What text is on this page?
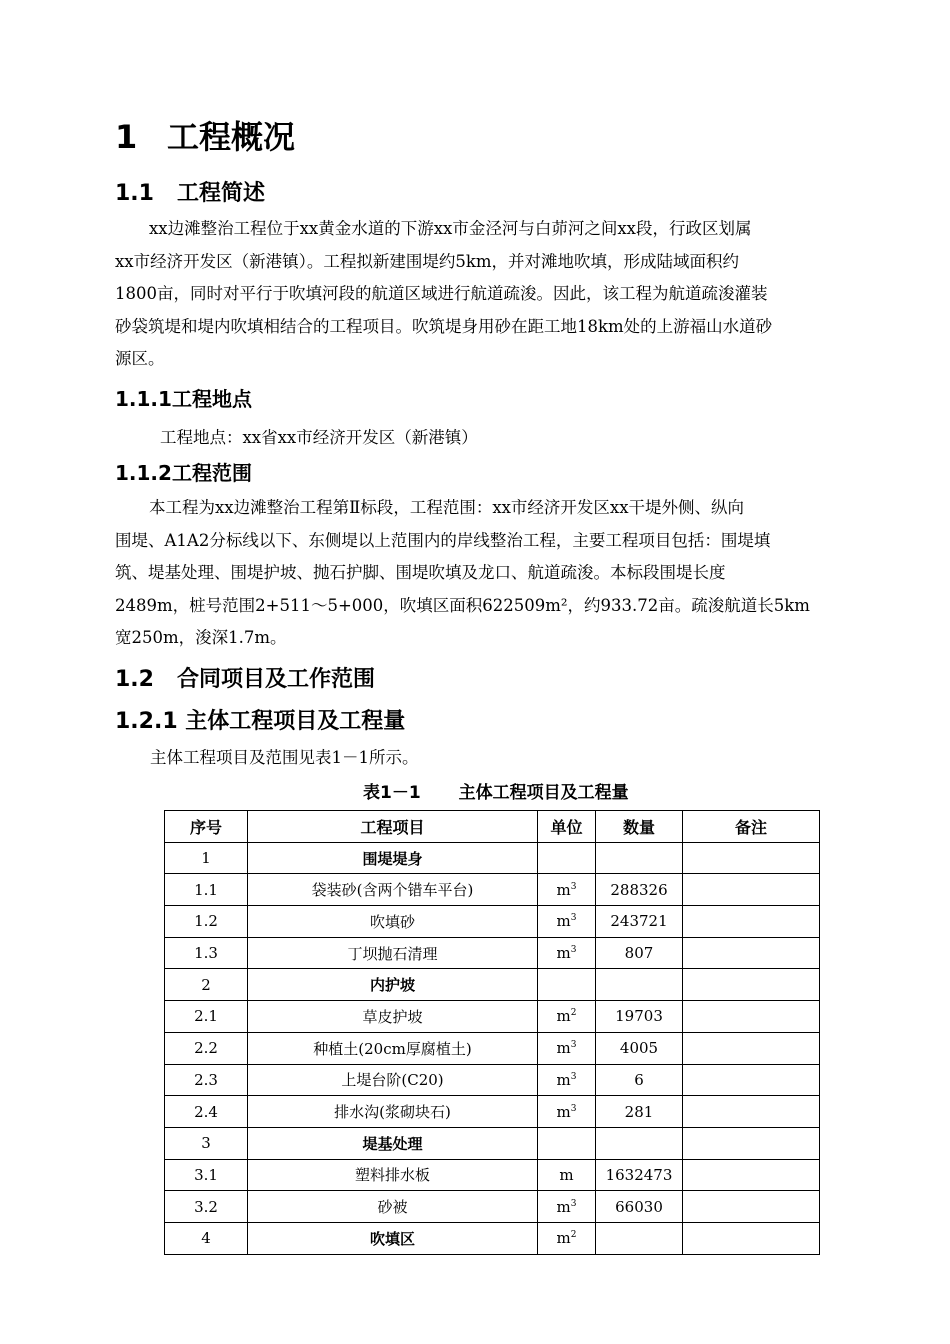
1 工程概况
1.1 工程简述

xx边滩整治工程位于xx黄金水道的下游xx市金泾河与白茆河之间xx段，行政区划属

xx市经济开发区（新港镇）。工程拟新建围堤约5km，并对滩地吹填，形成陆域面积约

1800亩，同时对平行于吹填河段的航道区域进行航道疏浚。因此，该工程为航道疏浚灌装

砂袋筑堤和堤内吹填相结合的工程项目。吹筑堤身用砂在距工地18km处的上游福山水道砂

源区。

1.1.1工程地点
工程地点：xx省xx市经济开发区（新港镇）
1.1.2工程范围

本工程为xx边滩整治工程第Ⅱ标段，工程范围：xx市经济开发区xx干堤外侧、纵向

围堤、A1A2分标线以下、东侧堤以上范围内的岸线整治工程，主要工程项目包括：围堤填

筑、堤基处理、围堤护坡、抛石护脚、围堤吹填及龙口、航道疏浚。本标段围堤长度

2489m，桩号范围2+511～5+000，吹填区面积622509m²，约933.72亩。疏浚航道长5km

宽250m，浚深1.7m。

1.2 合同项目及工作范围
1.2.1 主体工程项目及工程量
主体工程项目及范围见表1－1所示。
表1－1 主体工程项目及工程量
序号	工程项目	单位	数量	备注
1	围堤堤身			
1.1	袋装砂(含两个错车平台)	$m^3$	288326	
1.2	吹填砂	$m^3$	243721	
1.3	丁坝抛石清理	$m^3$	807	
2	内护坡			
2.1	草皮护坡	$m^2$	19703	
2.2	种植土(20cm厚腐植土)	$m^3$	4005	
2.3	上堤台阶(C20)	$m^3$	6	
2.4	排水沟(浆砌块石)	$m^3$	281	
3	堤基处理			
3.1	塑料排水板	m	1632473	
3.2	砂被	$m^3$	66030	
4	吹填区	$m^2$		
